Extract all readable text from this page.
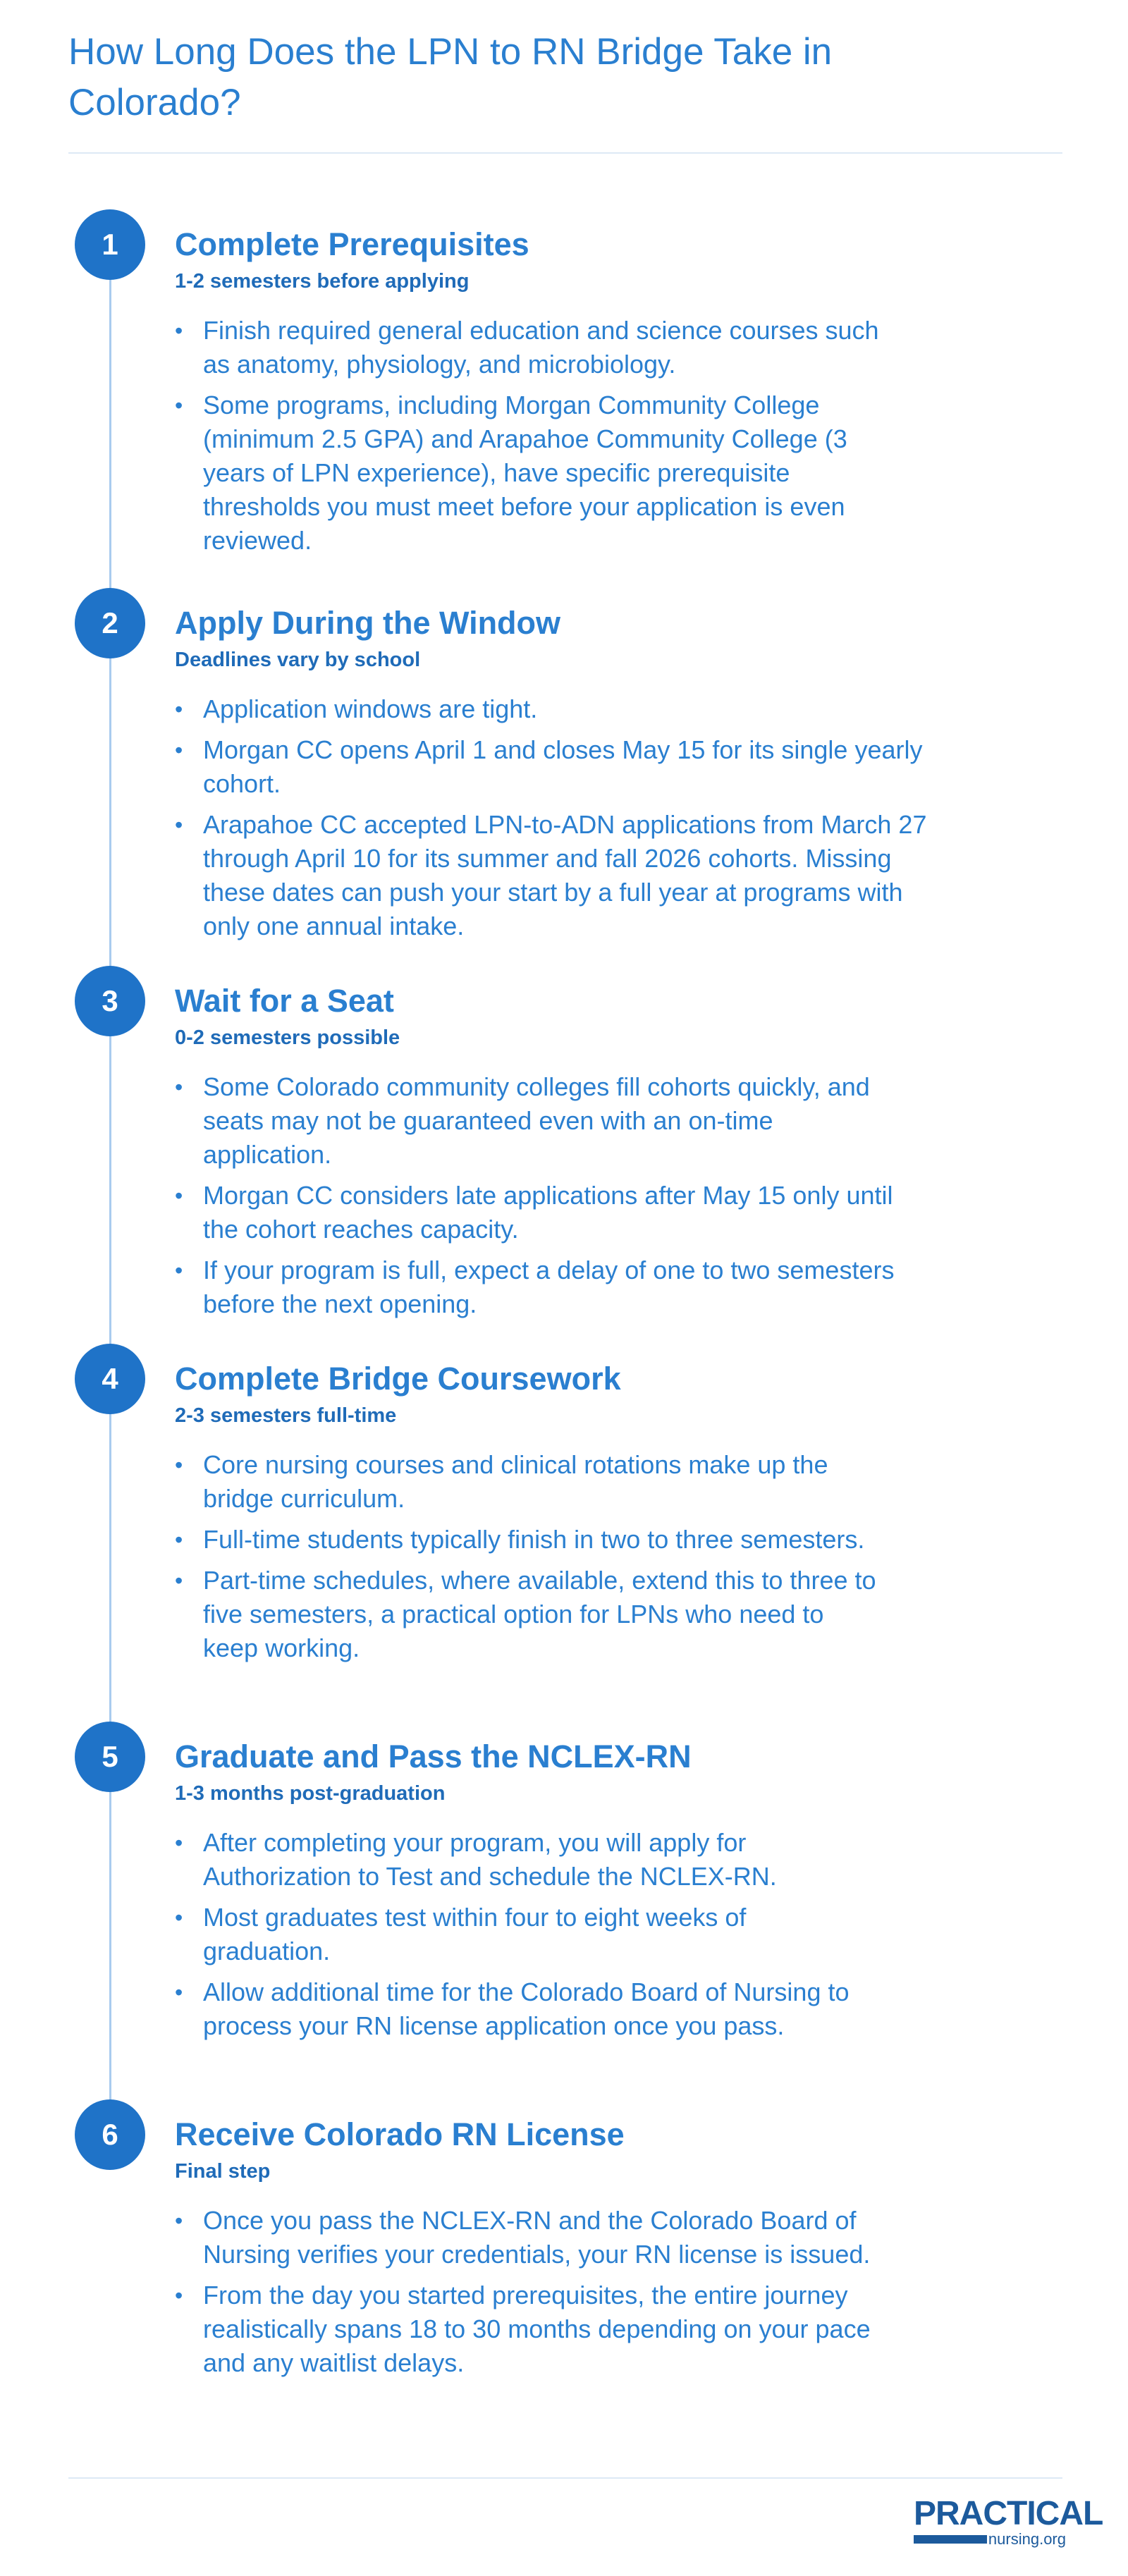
How Long Does the LPN to RN Bridge Take in Colorado?
1	Complete Prerequisites
1-2 semesters before applying
• Finish required general education and science courses such as anatomy, physiology, and microbiology.
• Some programs, including Morgan Community College (minimum 2.5 GPA) and Arapahoe Community College (3 years of LPN experience), have specific prerequisite thresholds you must meet before your application is even reviewed.
2	Apply During the Window
Deadlines vary by school
• Application windows are tight.
• Morgan CC opens April 1 and closes May 15 for its single yearly cohort.
• Arapahoe CC accepted LPN-to-ADN applications from March 27 through April 10 for its summer and fall 2026 cohorts. Missing these dates can push your start by a full year at programs with only one annual intake.
3	Wait for a Seat
0-2 semesters possible
• Some Colorado community colleges fill cohorts quickly, and seats may not be guaranteed even with an on-time application.
• Morgan CC considers late applications after May 15 only until the cohort reaches capacity.
• If your program is full, expect a delay of one to two semesters before the next opening.
4	Complete Bridge Coursework
2-3 semesters full-time
• Core nursing courses and clinical rotations make up the bridge curriculum.
• Full-time students typically finish in two to three semesters.
• Part-time schedules, where available, extend this to three to five semesters, a practical option for LPNs who need to keep working.
5	Graduate and Pass the NCLEX-RN
1-3 months post-graduation
• After completing your program, you will apply for Authorization to Test and schedule the NCLEX-RN.
• Most graduates test within four to eight weeks of graduation.
• Allow additional time for the Colorado Board of Nursing to process your RN license application once you pass.
6	Receive Colorado RN License
Final step
• Once you pass the NCLEX-RN and the Colorado Board of Nursing verifies your credentials, your RN license is issued.
• From the day you started prerequisites, the entire journey realistically spans 18 to 30 months depending on your pace and any waitlist delays.
PRACTICAL
nursing.org
